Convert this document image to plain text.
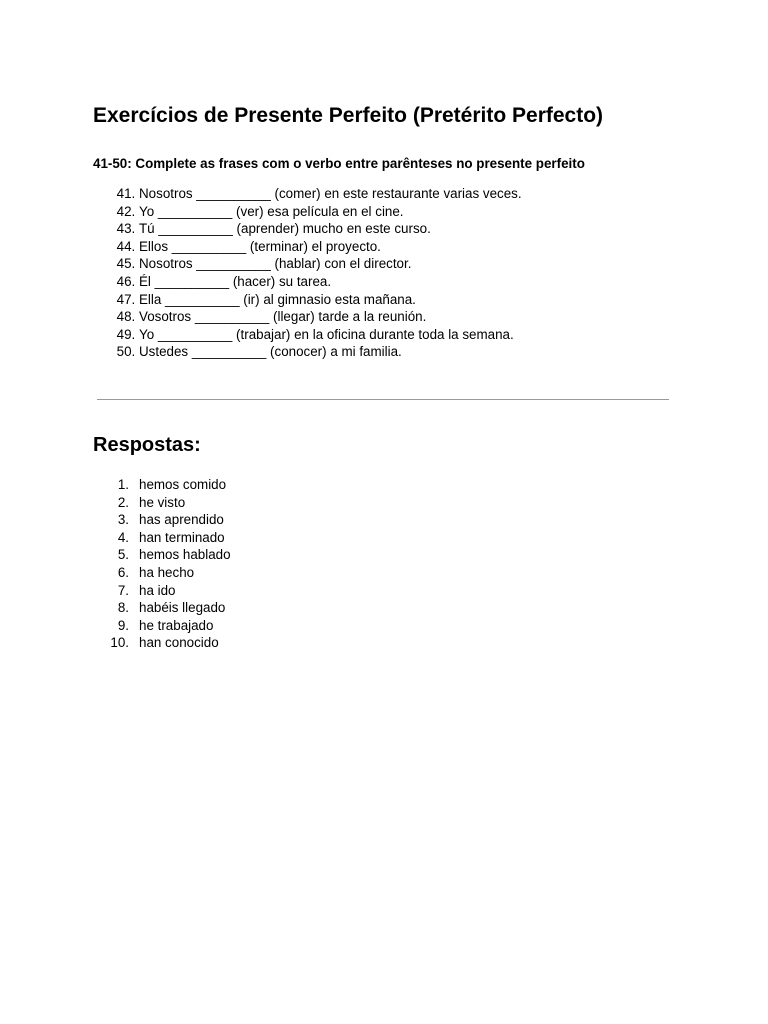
Exercícios de Presente Perfeito (Pretérito Perfecto)

41-50: Complete as frases com o verbo entre parênteses no presente perfeito

41. Nosotros __________ (comer) en este restaurante varias veces.
42. Yo __________ (ver) esa película en el cine.
43. Tú __________ (aprender) mucho en este curso.
44. Ellos __________ (terminar) el proyecto.
45. Nosotros __________ (hablar) con el director.
46. Él __________ (hacer) su tarea.
47. Ella __________ (ir) al gimnasio esta mañana.
48. Vosotros __________ (llegar) tarde a la reunión.
49. Yo __________ (trabajar) en la oficina durante toda la semana.
50. Ustedes __________ (conocer) a mi familia.
Respostas:
1. hemos comido
2. he visto
3. has aprendido
4. han terminado
5. hemos hablado
6. ha hecho
7. ha ido
8. habéis llegado
9. he trabajado
10. han conocido
